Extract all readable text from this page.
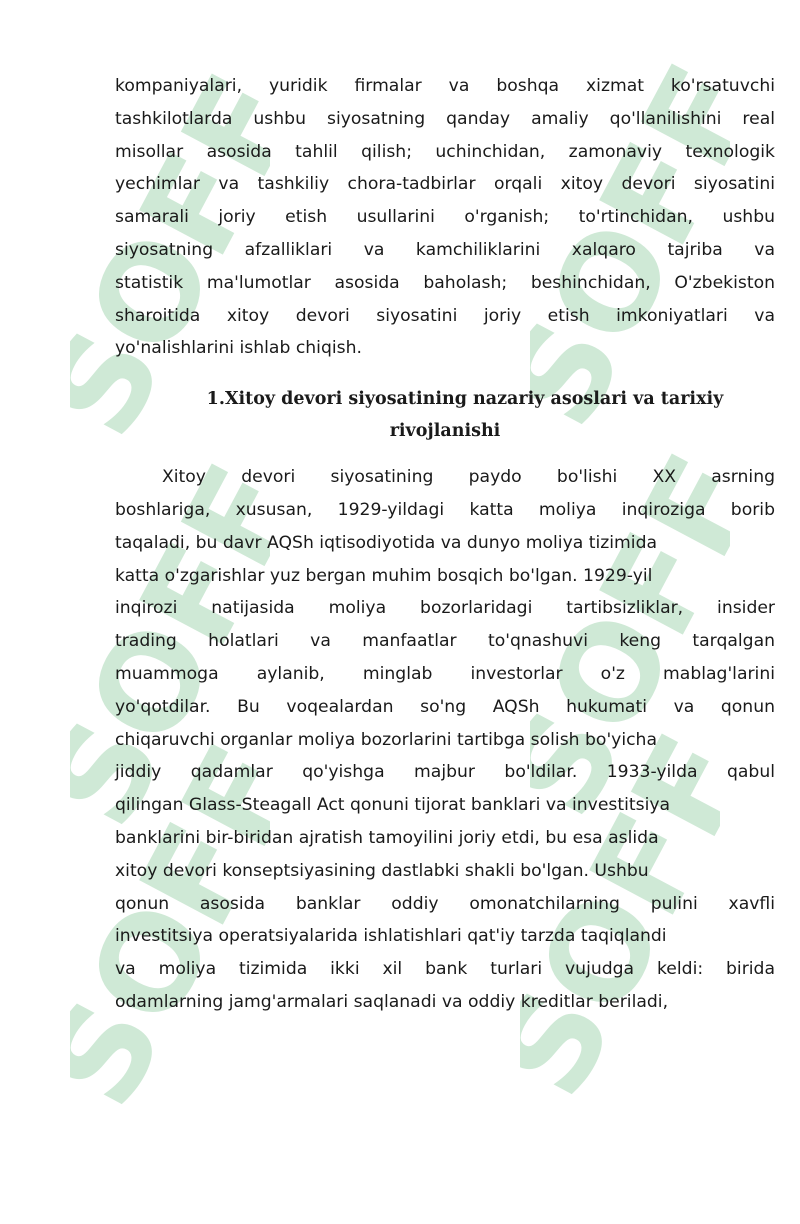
SOFF SOFF
SOFF SOFF
SOFF SOFF
kompaniyalari, yuridik firmalar va boshqa xizmat ko'rsatuvchi
tashkilotlarda ushbu siyosatning qanday amaliy qo'llanilishini real
misollar asosida tahlil qilish; uchinchidan, zamonaviy texnologik
yechimlar va tashkiliy chora-tadbirlar orqali xitoy devori siyosatini
samarali joriy etish usullarini o'rganish; to'rtinchidan, ushbu
siyosatning afzalliklari va kamchiliklarini xalqaro tajriba va
statistik ma'lumotlar asosida baholash; beshinchidan, O'zbekiston
sharoitida xitoy devori siyosatini joriy etish imkoniyatlari va
yo'nalishlarini ishlab chiqish.
1.Xitoy devori siyosatining nazariy asoslari va tarixiy
rivojlanishi
Xitoy devori siyosatining paydo bo'lishi XX asrning
boshlariga, xususan, 1929-yildagi katta moliya inqiroziga borib
taqaladi, bu davr AQSh iqtisodiyotida va dunyo moliya tizimida
katta o'zgarishlar yuz bergan muhim bosqich bo'lgan. 1929-yil
inqirozi natijasida moliya bozorlaridagi tartibsizliklar, insider
trading holatlari va manfaatlar to'qnashuvi keng tarqalgan
muammoga aylanib, minglab investorlar o'z mablag'larini
yo'qotdilar. Bu voqealardan so'ng AQSh hukumati va qonun
chiqaruvchi organlar moliya bozorlarini tartibga solish bo'yicha
jiddiy qadamlar qo'yishga majbur bo'ldilar. 1933-yilda qabul
qilingan Glass-Steagall Act qonuni tijorat banklari va investitsiya
banklarini bir-biridan ajratish tamoyilini joriy etdi, bu esa aslida
xitoy devori konseptsiyasining dastlabki shakli bo'lgan. Ushbu
qonun asosida banklar oddiy omonatchilarning pulini xavfli
investitsiya operatsiyalarida ishlatishlari qat'iy tarzda taqiqlandi
va moliya tizimida ikki xil bank turlari vujudga keldi: birida
odamlarning jamg'armalari saqlanadi va oddiy kreditlar beriladi,
